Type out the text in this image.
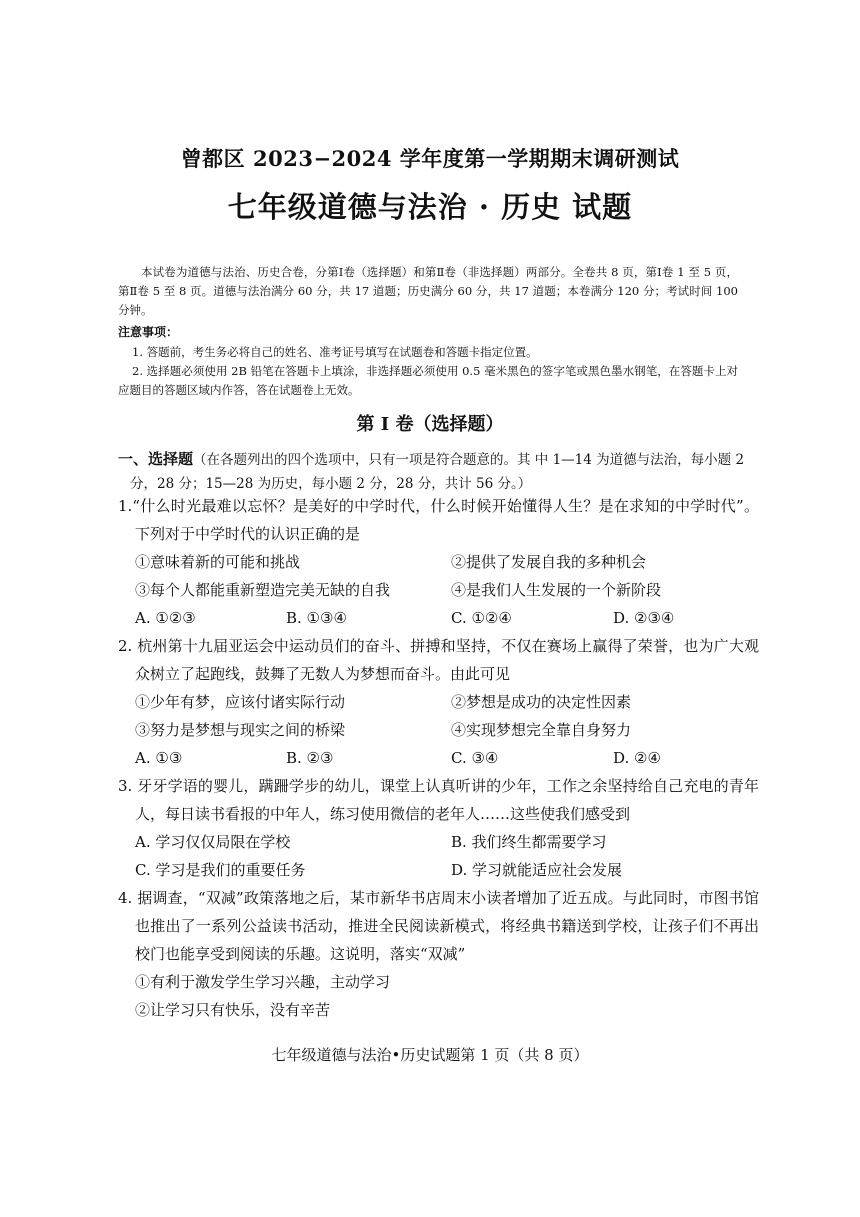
曾都区 2023−2024 学年度第一学期期末调研测试
七年级道德与法治 · 历史 试题
本试卷为道德与法治、历史合卷，分第Ⅰ卷（选择题）和第Ⅱ卷（非选择题）两部分。全卷共 8 页，第Ⅰ卷 1 至 5 页，第Ⅱ卷 5 至 8 页。道德与法治满分 60 分，共 17 道题；历史满分 60 分，共 17 道题；本卷满分 120 分；考试时间 100 分钟。
注意事项：
1. 答题前，考生务必将自己的姓名、准考证号填写在试题卷和答题卡指定位置。
2. 选择题必须使用 2B 铅笔在答题卡上填涂，非选择题必须使用 0.5 毫米黑色的签字笔或黑色墨水钢笔，在答题卡上对应题目的答题区域内作答，答在试题卷上无效。
第 I 卷（选择题）
一、选择题（在各题列出的四个选项中，只有一项是符合题意的。其 中 1—14 为道德与法治，每小题 2 分，28 分；15—28 为历史，每小题 2 分，28 分，共计 56 分。）
1.“什么时光最难以忘怀？是美好的中学时代，什么时候开始懂得人生？是在求知的中学时代”。下列对于中学时代的认识正确的是
①意味着新的可能和挑战	②提供了发展自我的多种机会
③每个人都能重新塑造完美无缺的自我	④是我们人生发展的一个新阶段
A. ①②③	B. ①③④	C. ①②④	D. ②③④
2. 杭州第十九届亚运会中运动员们的奋斗、拼搏和坚持，不仅在赛场上赢得了荣誉，也为广大观众树立了起跑线，鼓舞了无数人为梦想而奋斗。由此可见
①少年有梦，应该付诸实际行动	②梦想是成功的决定性因素
③努力是梦想与现实之间的桥梁	④实现梦想完全靠自身努力
A. ①③	B. ②③	C. ③④	D. ②④
3. 牙牙学语的婴儿，蹒跚学步的幼儿，课堂上认真听讲的少年，工作之余坚持给自己充电的青年人，每日读书看报的中年人，练习使用微信的老年人……这些使我们感受到
A. 学习仅仅局限在学校	B. 我们终生都需要学习
C. 学习是我们的重要任务	D. 学习就能适应社会发展
4. 据调查，“双减”政策落地之后，某市新华书店周末小读者增加了近五成。与此同时，市图书馆也推出了一系列公益读书活动，推进全民阅读新模式，将经典书籍送到学校，让孩子们不再出校门也能享受到阅读的乐趣。这说明，落实“双减”
①有利于激发学生学习兴趣，主动学习
②让学习只有快乐，没有辛苦
七年级道德与法治•历史试题第 1 页（共 8 页）
